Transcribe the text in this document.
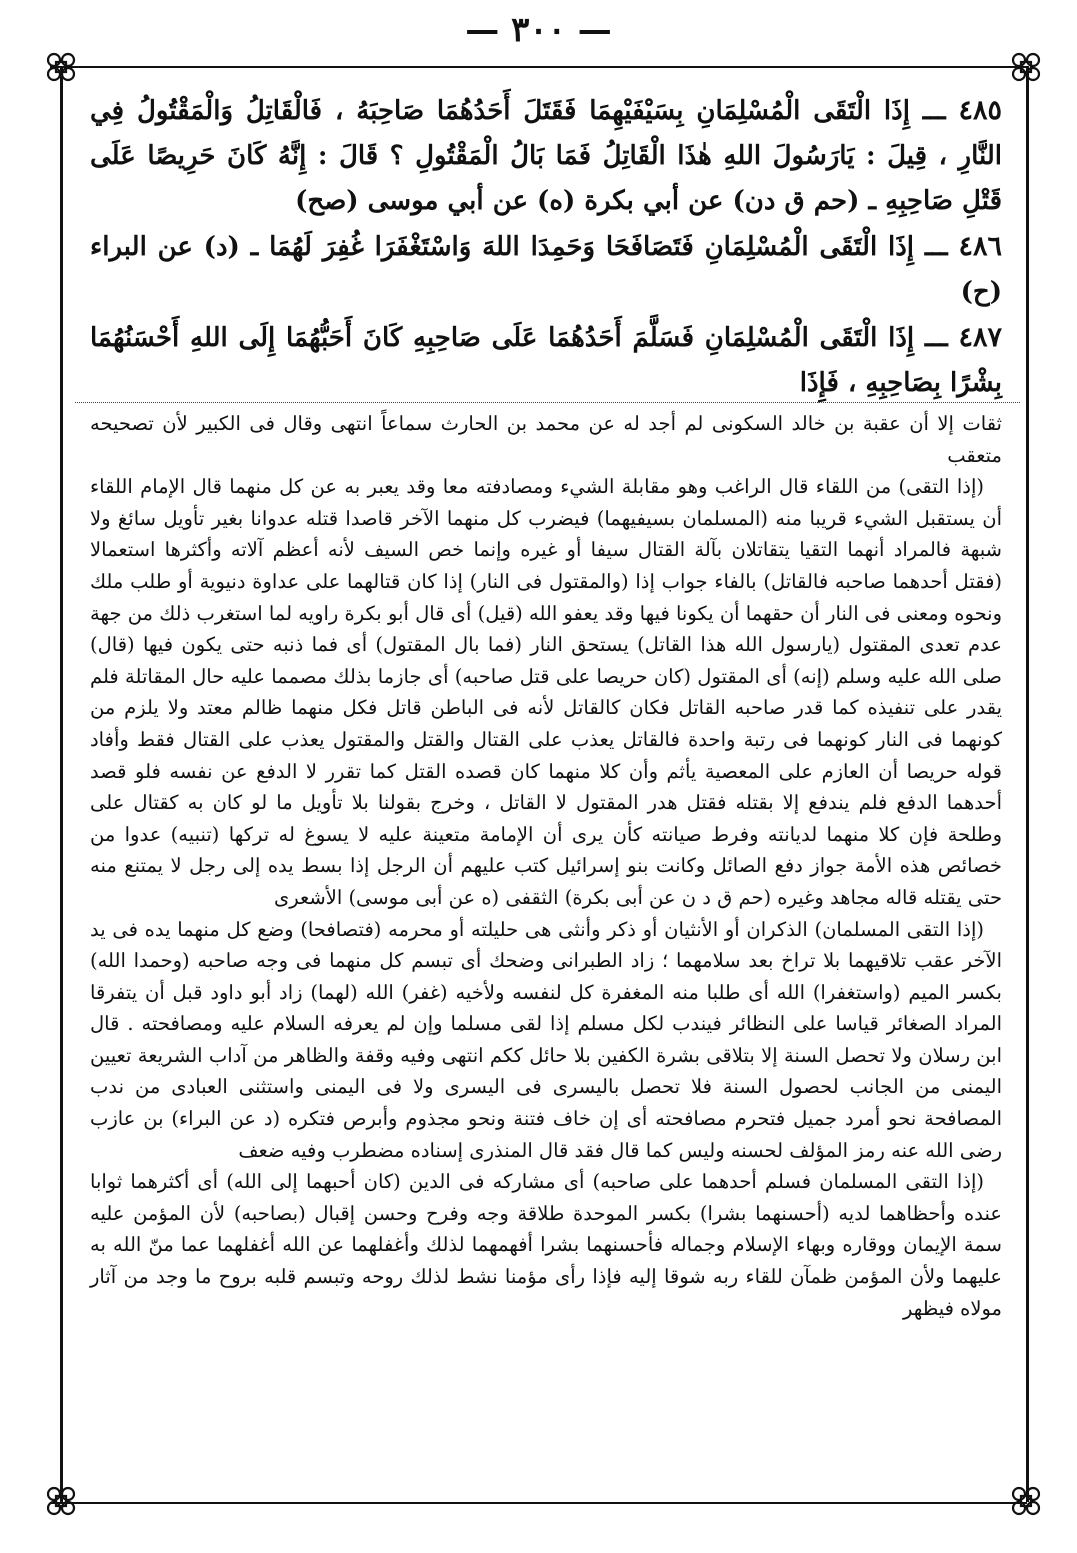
— ٣٠٠ —

٤٨٥ ـــ إِذَا الْتَقَى الْمُسْلِمَانِ بِسَيْفَيْهِمَا فَقَتَلَ أَحَدُهُمَا صَاحِبَهُ ، فَالْقَاتِلُ وَالْمَقْتُولُ فِي النَّارِ ، قِيلَ : يَارَسُولَ اللهِ هٰذَا الْقَاتِلُ فَمَا بَالُ الْمَقْتُولِ ؟ قَالَ : إِنَّهُ كَانَ حَرِيصًا عَلَى قَتْلِ صَاحِبِهِ ـ (حم ق دن) عن أبي بكرة (ه) عن أبي موسى (صح)

٤٨٦ ـــ إِذَا الْتَقَى الْمُسْلِمَانِ فَتَصَافَحَا وَحَمِدَا اللهَ وَاسْتَغْفَرَا غُفِرَ لَهُمَا ـ (د) عن البراء (ح)

٤٨٧ ـــ إِذَا الْتَقَى الْمُسْلِمَانِ فَسَلَّمَ أَحَدُهُمَا عَلَى صَاحِبِهِ كَانَ أَحَبُّهُمَا إِلَى اللهِ أَحْسَنُهُمَا بِشْرًا بِصَاحِبِهِ ، فَإِذَا

ثقات إلا أن عقبة بن خالد السكونى لم أجد له عن محمد بن الحارث سماعاً انتهى وقال فى الكبير لأن تصحيحه متعقب

(إذا التقى) من اللقاء قال الراغب وهو مقابلة الشيء ومصادفته معا وقد يعبر به عن كل منهما قال الإمام اللقاء أن يستقبل الشيء قريبا منه (المسلمان بسيفيهما) فيضرب كل منهما الآخر قاصدا قتله عدوانا بغير تأويل سائغ ولا شبهة فالمراد أنهما التقيا يتقاتلان بآلة القتال سيفا أو غيره وإنما خص السيف لأنه أعظم آلاته وأكثرها استعمالا (فقتل أحدهما صاحبه فالقاتل) بالفاء جواب إذا (والمقتول فى النار) إذا كان قتالهما على عداوة دنيوية أو طلب ملك ونحوه ومعنى فى النار أن حقهما أن يكونا فيها وقد يعفو الله (قيل) أى قال أبو بكرة راويه لما استغرب ذلك من جهة عدم تعدى المقتول (يارسول الله هذا القاتل) يستحق النار (فما بال المقتول) أى فما ذنبه حتى يكون فيها (قال) صلى الله عليه وسلم (إنه) أى المقتول (كان حريصا على قتل صاحبه) أى جازما بذلك مصمما عليه حال المقاتلة فلم يقدر على تنفيذه كما قدر صاحبه القاتل فكان كالقاتل لأنه فى الباطن قاتل فكل منهما ظالم معتد ولا يلزم من كونهما فى النار كونهما فى رتبة واحدة فالقاتل يعذب على القتال والقتل والمقتول يعذب على القتال فقط وأفاد قوله حريصا أن العازم على المعصية يأثم وأن كلا منهما كان قصده القتل كما تقرر لا الدفع عن نفسه فلو قصد أحدهما الدفع فلم يندفع إلا بقتله فقتل هدر المقتول لا القاتل ، وخرج بقولنا بلا تأويل ما لو كان به كقتال على وطلحة فإن كلا منهما لديانته وفرط صيانته كأن يرى أن الإمامة متعينة عليه لا يسوغ له تركها (تنبيه) عدوا من خصائص هذه الأمة جواز دفع الصائل وكانت بنو إسرائيل كتب عليهم أن الرجل إذا بسط يده إلى رجل لا يمتنع منه حتى يقتله قاله مجاهد وغيره (حم ق د ن عن أبى بكرة) الثقفى (ه عن أبى موسى) الأشعرى

(إذا التقى المسلمان) الذكران أو الأنثيان أو ذكر وأنثى هى حليلته أو محرمه (فتصافحا) وضع كل منهما يده فى يد الآخر عقب تلاقيهما بلا تراخ بعد سلامهما ؛ زاد الطبرانى وضحك أى تبسم كل منهما فى وجه صاحبه (وحمدا الله) بكسر الميم (واستغفرا) الله أى طلبا منه المغفرة كل لنفسه ولأخيه (غفر) الله (لهما) زاد أبو داود قبل أن يتفرقا المراد الصغائر قياسا على النظائر فيندب لكل مسلم إذا لقى مسلما وإن لم يعرفه السلام عليه ومصافحته . قال ابن رسلان ولا تحصل السنة إلا بتلاقى بشرة الكفين بلا حائل ككم انتهى وفيه وقفة والظاهر من آداب الشريعة تعيين اليمنى من الجانب لحصول السنة فلا تحصل باليسرى فى اليسرى ولا فى اليمنى واستثنى العبادى من ندب المصافحة نحو أمرد جميل فتحرم مصافحته أى إن خاف فتنة ونحو مجذوم وأبرص فتكره (د عن البراء) بن عازب رضى الله عنه رمز المؤلف لحسنه وليس كما قال فقد قال المنذرى إسناده مضطرب وفيه ضعف

(إذا التقى المسلمان فسلم أحدهما على صاحبه) أى مشاركه فى الدين (كان أحبهما إلى الله) أى أكثرهما ثوابا عنده وأحظاهما لديه (أحسنهما بشرا) بكسر الموحدة طلاقة وجه وفرح وحسن إقبال (بصاحبه) لأن المؤمن عليه سمة الإيمان ووقاره وبهاء الإسلام وجماله فأحسنهما بشرا أفهمهما لذلك وأغفلهما عن الله أغفلهما عما منّ الله به عليهما ولأن المؤمن ظمآن للقاء ربه شوقا إليه فإذا رأى مؤمنا نشط لذلك روحه وتبسم قلبه بروح ما وجد من آثار مولاه فيظهر
